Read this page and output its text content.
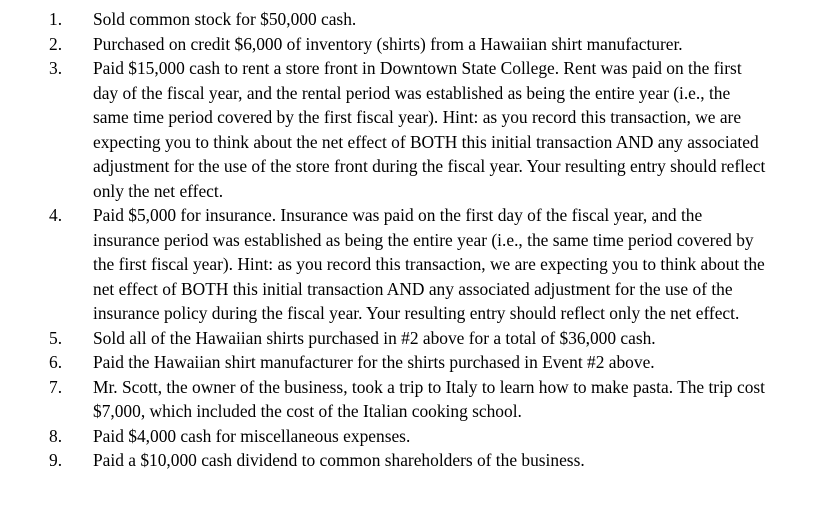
1. Sold common stock for $50,000 cash.
2. Purchased on credit $6,000 of inventory (shirts) from a Hawaiian shirt manufacturer.
3. Paid $15,000 cash to rent a store front in Downtown State College. Rent was paid on the first day of the fiscal year, and the rental period was established as being the entire year (i.e., the same time period covered by the first fiscal year). Hint: as you record this transaction, we are expecting you to think about the net effect of BOTH this initial transaction AND any associated adjustment for the use of the store front during the fiscal year. Your resulting entry should reflect only the net effect.
4. Paid $5,000 for insurance. Insurance was paid on the first day of the fiscal year, and the insurance period was established as being the entire year (i.e., the same time period covered by the first fiscal year). Hint: as you record this transaction, we are expecting you to think about the net effect of BOTH this initial transaction AND any associated adjustment for the use of the insurance policy during the fiscal year. Your resulting entry should reflect only the net effect.
5. Sold all of the Hawaiian shirts purchased in #2 above for a total of $36,000 cash.
6. Paid the Hawaiian shirt manufacturer for the shirts purchased in Event #2 above.
7. Mr. Scott, the owner of the business, took a trip to Italy to learn how to make pasta. The trip cost $7,000, which included the cost of the Italian cooking school.
8. Paid $4,000 cash for miscellaneous expenses.
9. Paid a $10,000 cash dividend to common shareholders of the business.
